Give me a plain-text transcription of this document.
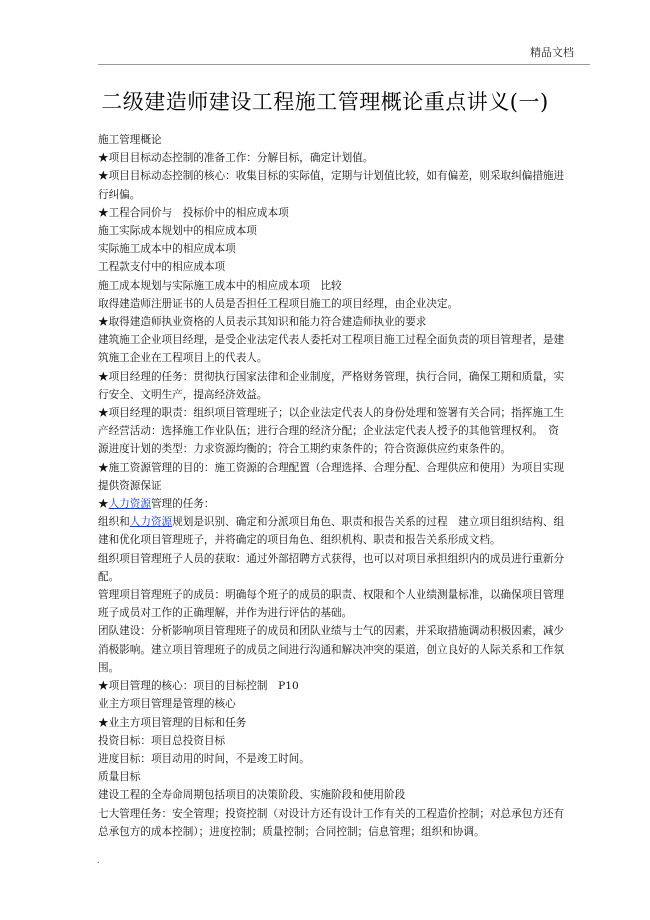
精品文档
二级建造师建设工程施工管理概论重点讲义(一)
施工管理概论
★项目目标动态控制的准备工作：分解目标，确定计划值。
★项目目标动态控制的核心：收集目标的实际值，定期与计划值比较，如有偏差，则采取纠偏措施进行纠偏。
★工程合同价与　投标价中的相应成本项
施工实际成本规划中的相应成本项
实际施工成本中的相应成本项
工程款支付中的相应成本项
施工成本规划与实际施工成本中的相应成本项　比较
取得建造师注册证书的人员是否担任工程项目施工的项目经理，由企业决定。
★取得建造师执业资格的人员表示其知识和能力符合建造师执业的要求
建筑施工企业项目经理，是受企业法定代表人委托对工程项目施工过程全面负责的项目管理者，是建筑施工企业在工程项目上的代表人。
★项目经理的任务：贯彻执行国家法律和企业制度，严格财务管理，执行合同，确保工期和质量，实行安全、文明生产，提高经济效益。
★项目经理的职责：组织项目管理班子；以企业法定代表人的身份处理和签署有关合同；指挥施工生产经营活动：选择施工作业队伍；进行合理的经济分配；企业法定代表人授予的其他管理权利。　资源进度计划的类型：力求资源均衡的；符合工期约束条件的；符合资源供应约束条件的。
★施工资源管理的目的：施工资源的合理配置（合理选择、合理分配、合理供应和使用）为项目实现提供资源保证
★人力资源管理的任务：
组织和人力资源规划是识别、确定和分派项目角色、职责和报告关系的过程　建立项目组织结构、组建和优化项目管理班子，并将确定的项目角色、组织机构、职责和报告关系形成文档。
组织项目管理班子人员的获取：通过外部招聘方式获得，也可以对项目承担组织内的成员进行重新分配。
管理项目管理班子的成员：明确每个班子的成员的职责、权限和个人业绩测量标准，以确保项目管理班子成员对工作的正确理解，并作为进行评估的基础。
团队建设：分析影响项目管理班子的成员和团队业绩与士气的因素，并采取措施调动积极因素，减少消极影响。建立项目管理班子的成员之间进行沟通和解决冲突的渠道，创立良好的人际关系和工作氛围。
★项目管理的核心：项目的目标控制　P10
业主方项目管理是管理的核心
★业主方项目管理的目标和任务
投资目标：项目总投资目标
进度目标：项目动用的时间，不是竣工时间。
质量目标
建设工程的全寿命周期包括项目的决策阶段、实施阶段和使用阶段
七大管理任务：安全管理；投资控制（对设计方还有设计工作有关的工程造价控制；对总承包方还有总承包方的成本控制）；进度控制；质量控制；合同控制；信息管理；组织和协调。
.
